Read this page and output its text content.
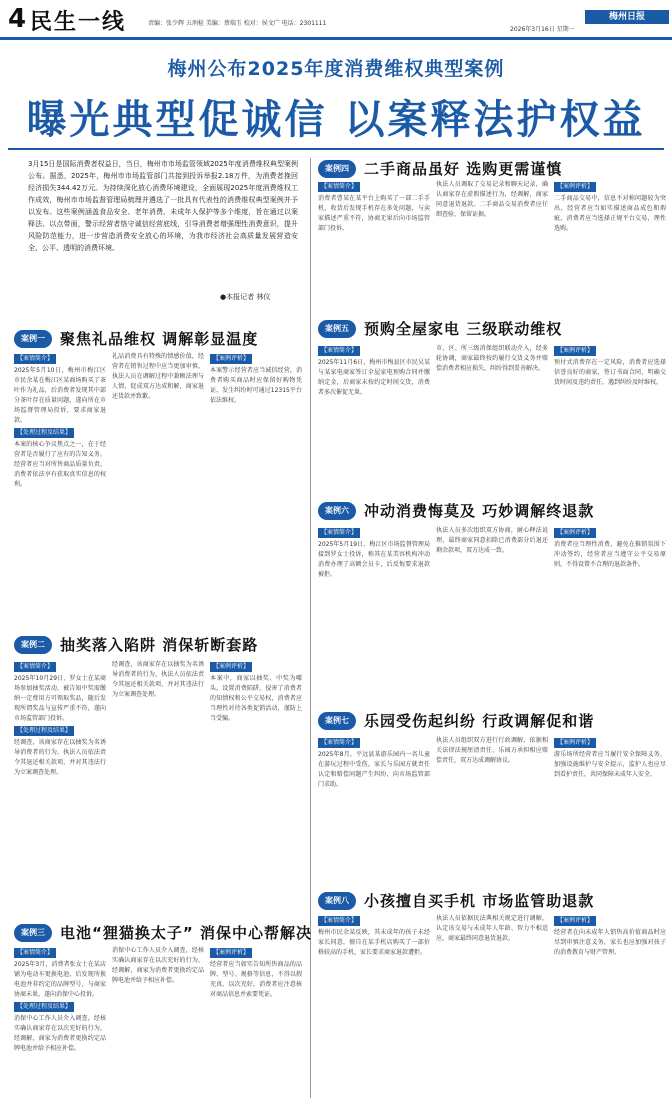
4 民生一线	责编：张少辉 五刑检 美编：蔡瑞玉 校对：侯文广 电话：2301111
梅州日报
2026年3月16日 星期一
梅州公布2025年度消费维权典型案例
曝光典型促诚信 以案释法护权益
3月15日是国际消费者权益日，当日，梅州市市场监管领域2025年度消费维权典型案例公布。据悉，2025年，梅州市市场监管部门共接到投诉举报2.18万件，为消费者挽回经济损失344.42万元。为持续深化放心消费环境建设，全面展现2025年度消费维权工作成效，梅州市市场监督管理局梳理并遴选了一批具有代表性的消费维权典型案例并予以发布。这些案例涵盖食品安全、老年消费、未成年人保护等多个维度，旨在通过以案释法、以点带面，警示经营者恪守诚信经营底线，引导消费者增强理性消费意识，提升风险防范能力，进一步营造消费安全放心的环境，为我市经济社会高质量发展营造安全、公平、透明的消费环境。
●本报记者 林仪
案例一	聚焦礼品维权 调解彰显温度
【案情简介】
2025年5月10日，梅州市梅江区市民余某在梅江区某商场购买了茶叶作为礼品，后消费者发现其中部分茶叶存在质量问题，遂向所在市场监督管理局投诉，要求商家退款。
【处理过程及结果】
本案的核心争议焦点之一，在于经营者是否履行了应有的告知义务，经营者应当对所售商品质量负责，消费者依法享有获取真实信息的权利。
礼品消费具有特殊的情感价值，经营者在销售过程中应当更加审慎，执法人员在调解过程中兼顾法理与人情，促成双方达成和解，商家退还货款并致歉。
【案例评析】
本案警示经营者应当诚信经营，消费者购买商品时应保留好购物凭证，发生纠纷时可通过12315平台依法维权。
案例二	抽奖落入陷阱 消保斩断套路
【案情简介】
2025年10月29日，罗女士在某商场参加抽奖活动，被告知中奖需缴纳一定费用方可领取奖品，随后发现所谓奖品与宣传严重不符，遂向市场监管部门投诉。
【处理过程及结果】
经调查，该商家存在以抽奖为名诱导消费者的行为，执法人员依法责令其退还相关款项，并对其违法行为立案调查处理。
经调查，该商家存在以抽奖为名诱导消费者的行为，执法人员依法责令其退还相关款项，并对其违法行为立案调查处理。
【案例评析】
本案中，商家以抽奖、中奖为噱头，设置消费陷阱，侵害了消费者的知情权和公平交易权，消费者应当理性对待各类促销活动，谨防上当受骗。
案例三	电池“狸猫换太子” 消保中心帮解决
【案情简介】
2025年3月，消费者张女士在某店铺为电动车更换电池，后发现所换电池并非约定的品牌型号，与商家协商未果，遂向消保中心投诉。
【处理过程及结果】
消保中心工作人员介入调查，经核实确认商家存在以次充好的行为，经调解，商家为消费者更换约定品牌电池并给予相应补偿。
消保中心工作人员介入调查，经核实确认商家存在以次充好的行为，经调解，商家为消费者更换约定品牌电池并给予相应补偿。
【案例评析】
经营者应当如实告知所售商品的品牌、型号、规格等信息，不得以假充真、以次充好，消费者应注意核对商品信息并索要凭证。
案例四	二手商品虽好 选购更需谨慎
【案情简介】
消费者曹某在某平台上购买了一部二手手机，收货后发现手机存在多处问题，与卖家描述严重不符，协商无果后向市场监管部门投诉。
执法人员调取了交易记录和聊天记录，确认商家存在虚假描述行为，经调解，商家同意退货退款。二手商品交易消费者应仔细查验、保留证据。
【案例评析】
二手商品交易中，信息不对称问题较为突出，经营者应当如实描述商品成色和瑕疵，消费者应当选择正规平台交易，理性选购。
案例五	预购全屋家电 三级联动维权
【案情简介】
2025年11月6日，梅州市梅县区市民吴某与某家电商家签订全屋家电预购合同并缴纳定金，后商家未按约定时间交货，消费者多次催促无果。
市、区、所三级消保组织联动介入，经多轮协调，商家最终按约履行交货义务并赔偿消费者相应损失，纠纷得到妥善解决。
【案例评析】
预付式消费存在一定风险，消费者应选择信誉良好的商家，签订书面合同，明确交货时间及违约责任，遇到纠纷及时维权。
案例六	冲动消费悔莫及 巧妙调解终退款
【案情简介】
2025年5月19日，梅江区市场监督管理局接到罗女士投诉，称其在某美容机构冲动消费办理了高额会员卡，后反悔要求退款被拒。
执法人员多次组织双方协商，耐心释法说理，最终商家同意扣除已消费部分后退还剩余款项，双方达成一致。
【案例评析】
消费者应当理性消费，避免在推销氛围下冲动签约，经营者应当遵守公平交易原则，不得设置不合理的退款条件。
案例七	乐园受伤起纠纷 行政调解促和谐
【案情简介】
2025年8月，平远县某游乐园内一名儿童在游玩过程中受伤，家长与乐园方就责任认定和赔偿问题产生纠纷，向市场监管部门求助。
执法人员组织双方进行行政调解，依据相关法律法规厘清责任，乐园方承担相应赔偿责任，双方达成调解协议。
【案例评析】
游乐场所经营者应当履行安全保障义务，加强设施维护与安全提示，监护人也应尽到看护责任，共同保障未成年人安全。
案例八	小孩擅自买手机 市场监管助退款
【案情简介】
梅州市民余某反映，其未成年的孩子未经家长同意，擅自在某手机店购买了一部价格较高的手机，家长要求商家退款遭拒。
执法人员依据民法典相关规定进行调解，认定该交易与未成年人年龄、智力不相适应，商家最终同意退货退款。
【案例评析】
经营者在向未成年人销售高价值商品时应尽到审慎注意义务，家长也应加强对孩子的消费教育与财产管理。
